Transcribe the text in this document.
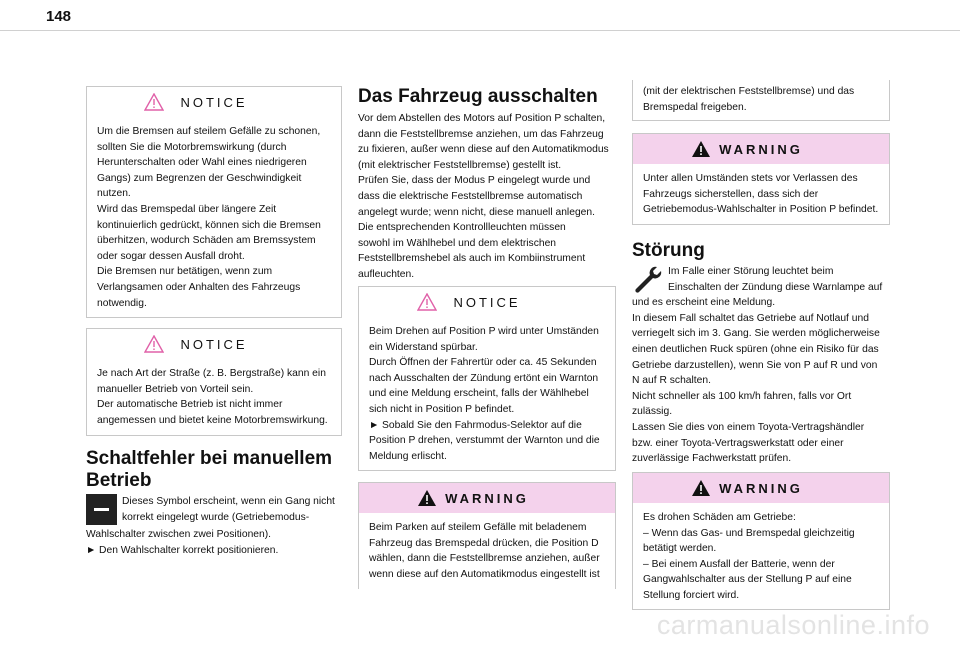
148
NOTICE

Um die Bremsen auf steilem Gefälle zu schonen,

sollten Sie die Motorbremswirkung (durch

Herunterschalten oder Wahl eines niedrigeren

Gangs) zum Begrenzen der Geschwindigkeit

nutzen.

Wird das Bremspedal über längere Zeit

kontinuierlich gedrückt, können sich die Bremsen

überhitzen, wodurch Schäden am Bremssystem

oder sogar dessen Ausfall droht.

Die Bremsen nur betätigen, wenn zum

Verlangsamen oder Anhalten des Fahrzeugs

notwendig.

NOTICE

Je nach Art der Straße (z. B. Bergstraße) kann ein

manueller Betrieb von Vorteil sein.

Der automatische Betrieb ist nicht immer

angemessen und bietet keine Motorbremswirkung.

Schaltfehler bei manuellem
Betrieb

Dieses Symbol erscheint, wenn ein Gang nicht

korrekt eingelegt wurde (Getriebemodus-

Wahlschalter zwischen zwei Positionen).

► Den Wahlschalter korrekt positionieren.

Das Fahrzeug ausschalten

Vor dem Abstellen des Motors auf Position P schalten,

dann die Feststellbremse anziehen, um das Fahrzeug

zu fixieren, außer wenn diese auf den Automatikmodus

(mit elektrischer Feststellbremse) gestellt ist.

Prüfen Sie, dass der Modus P eingelegt wurde und

dass die elektrische Feststellbremse automatisch

angelegt wurde; wenn nicht, diese manuell anlegen.

Die entsprechenden Kontrollleuchten müssen

sowohl im Wählhebel und dem elektrischen

Feststellbremshebel als auch im Kombiinstrument

aufleuchten.

NOTICE

Beim Drehen auf Position P wird unter Umständen

ein Widerstand spürbar.

Durch Öffnen der Fahrertür oder ca. 45 Sekunden

nach Ausschalten der Zündung ertönt ein Warnton

und eine Meldung erscheint, falls der Wählhebel

sich nicht in Position P befindet.

► Sobald Sie den Fahrmodus-Selektor auf die

Position P drehen, verstummt der Warnton und die

Meldung erlischt.

WARNING

Beim Parken auf steilem Gefälle mit beladenem

Fahrzeug das Bremspedal drücken, die Position D

wählen, dann die Feststellbremse anziehen, außer

wenn diese auf den Automatikmodus eingestellt ist

(mit der elektrischen Feststellbremse) und das

Bremspedal freigeben.

WARNING

Unter allen Umständen stets vor Verlassen des

Fahrzeugs sicherstellen, dass sich der

Getriebemodus-Wahlschalter in Position P befindet.

Störung

Im Falle einer Störung leuchtet beim

Einschalten der Zündung diese Warnlampe auf

und es erscheint eine Meldung.

In diesem Fall schaltet das Getriebe auf Notlauf und

verriegelt sich im 3. Gang. Sie werden möglicherweise

einen deutlichen Ruck spüren (ohne ein Risiko für das

Getriebe darzustellen), wenn Sie von P auf R und von

N auf R schalten.

Nicht schneller als 100 km/h fahren, falls vor Ort

zulässig.

Lassen Sie dies von einem Toyota-Vertragshändler

bzw. einer Toyota-Vertragswerkstatt oder einer

zuverlässige Fachwerkstatt prüfen.

WARNING

Es drohen Schäden am Getriebe:

– Wenn das Gas- und Bremspedal gleichzeitig

betätigt werden.

– Bei einem Ausfall der Batterie, wenn der

Gangwahlschalter aus der Stellung P auf eine

Stellung forciert wird.

carmanualsonline.info
